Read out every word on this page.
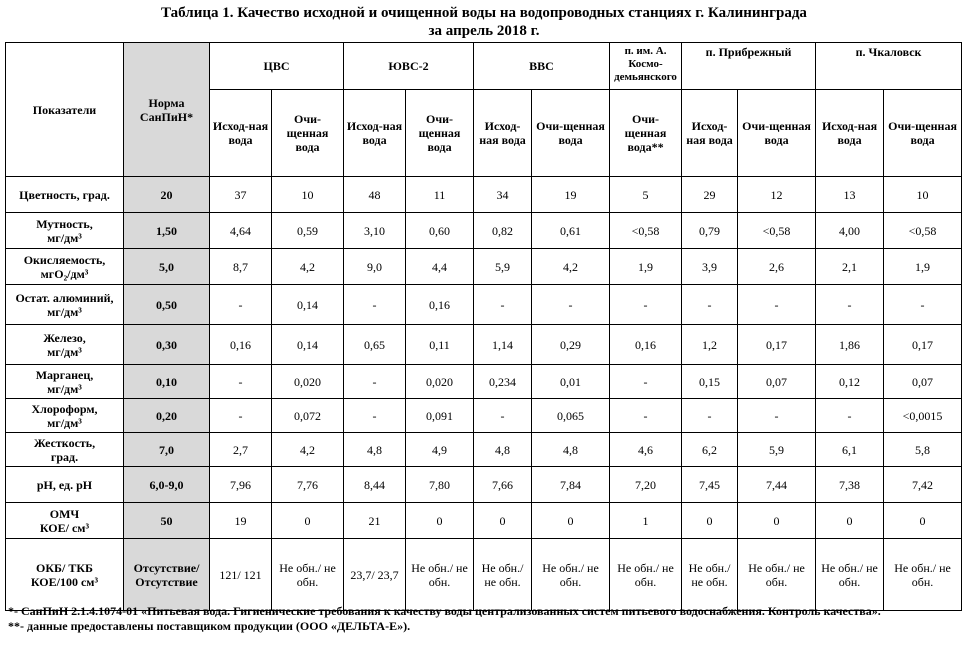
Таблица 1. Качество исходной и очищенной воды на водопроводных станциях г. Калининграда
за апрель 2018 г.
Показатели	Норма СанПиН*	ЦВС		ЮВС-2		ВВС		п. им. А. Космо-демьянского	п. Прибрежный		п. Чкаловск	
		Исход-ная вода	Очи-щенная вода	Исход-ная вода	Очи-щенная вода	Исход-ная вода	Очи-щенная вода	Очи-щенная вода**	Исход-ная вода	Очи-щенная вода	Исход-ная вода	Очи-щенная вода

Цветность, град.	20	37	10	48	11	34	19	5	29	12	13	10

Мутность,
мг/дм³	1,50	4,64	0,59	3,10	0,60	0,82	0,61	<0,58	0,79	<0,58	4,00	<0,58

Окисляемость,
мгО₂/дм³	5,0	8,7	4,2	9,0	4,4	5,9	4,2	1,9	3,9	2,6	2,1	1,9

Остат. алюминий,
мг/дм³	0,50	-	0,14	-	0,16	-	-	-	-	-	-	-

Железо,
мг/дм³	0,30	0,16	0,14	0,65	0,11	1,14	0,29	0,16	1,2	0,17	1,86	0,17

Марганец,
мг/дм³	0,10	-	0,020	-	0,020	0,234	0,01	-	0,15	0,07	0,12	0,07

Хлороформ,
мг/дм³	0,20	-	0,072	-	0,091	-	0,065	-	-	-	-	<0,0015

Жесткость,
град.	7,0	2,7	4,2	4,8	4,9	4,8	4,8	4,6	6,2	5,9	6,1	5,8

pH, ед. pH	6,0-9,0	7,96	7,76	8,44	7,80	7,66	7,84	7,20	7,45	7,44	7,38	7,42

ОМЧ
КОЕ/ см³	50	19	0	21	0	0	0	1	0	0	0	0

ОКБ/ ТКБ
КОЕ/100 см³	Отсутствие/ Отсутствие	121/ 121	Не обн./ не обн.	23,7/ 23,7	Не обн./ не обн.	Не обн./ не обн.	Не обн./ не обн.	Не обн./ не обн.	Не обн./ не обн.	Не обн./ не обн.	Не обн./ не обн.	Не обн./ не обн.
*- СанПиН 2.1.4.1074-01 «Питьевая вода. Гигиенические требования к качеству воды централизованных систем питьевого водоснабжения. Контроль качества».
**- данные предоставлены поставщиком продукции (ООО «ДЕЛЬТА-Е»).
